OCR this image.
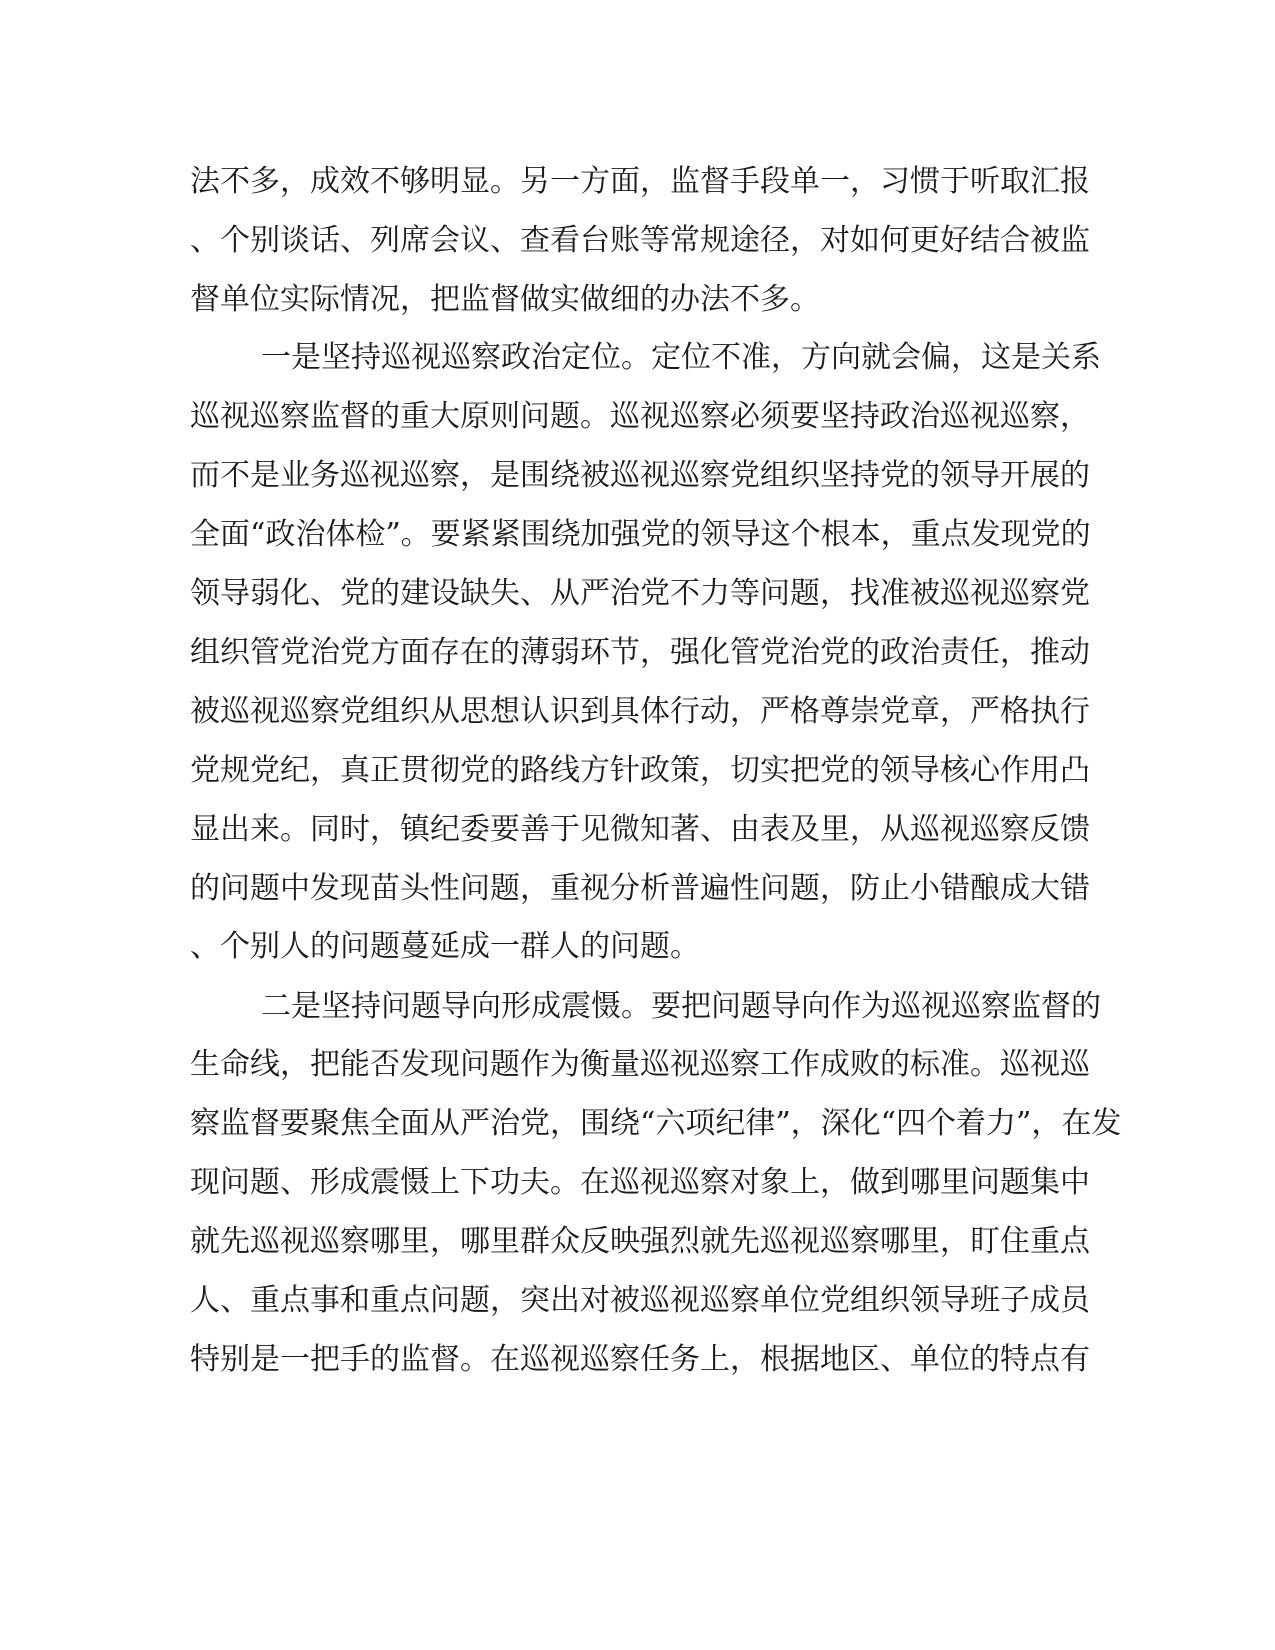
法不多，成效不够明显。另一方面，监督手段单一，习惯于听取汇报
、个别谈话、列席会议、查看台账等常规途径，对如何更好结合被监
督单位实际情况，把监督做实做细的办法不多。
一是坚持巡视巡察政治定位。定位不准，方向就会偏，这是关系
巡视巡察监督的重大原则问题。巡视巡察必须要坚持政治巡视巡察，
而不是业务巡视巡察，是围绕被巡视巡察党组织坚持党的领导开展的
全面“政治体检”。要紧紧围绕加强党的领导这个根本，重点发现党的
领导弱化、党的建设缺失、从严治党不力等问题，找准被巡视巡察党
组织管党治党方面存在的薄弱环节，强化管党治党的政治责任，推动
被巡视巡察党组织从思想认识到具体行动，严格尊崇党章，严格执行
党规党纪，真正贯彻党的路线方针政策，切实把党的领导核心作用凸
显出来。同时，镇纪委要善于见微知著、由表及里，从巡视巡察反馈
的问题中发现苗头性问题，重视分析普遍性问题，防止小错酿成大错
、个别人的问题蔓延成一群人的问题。
二是坚持问题导向形成震慑。要把问题导向作为巡视巡察监督的
生命线，把能否发现问题作为衡量巡视巡察工作成败的标准。巡视巡
察监督要聚焦全面从严治党，围绕“六项纪律”，深化“四个着力”，在发
现问题、形成震慑上下功夫。在巡视巡察对象上，做到哪里问题集中
就先巡视巡察哪里，哪里群众反映强烈就先巡视巡察哪里，盯住重点
人、重点事和重点问题，突出对被巡视巡察单位党组织领导班子成员
特别是一把手的监督。在巡视巡察任务上，根据地区、单位的特点有
